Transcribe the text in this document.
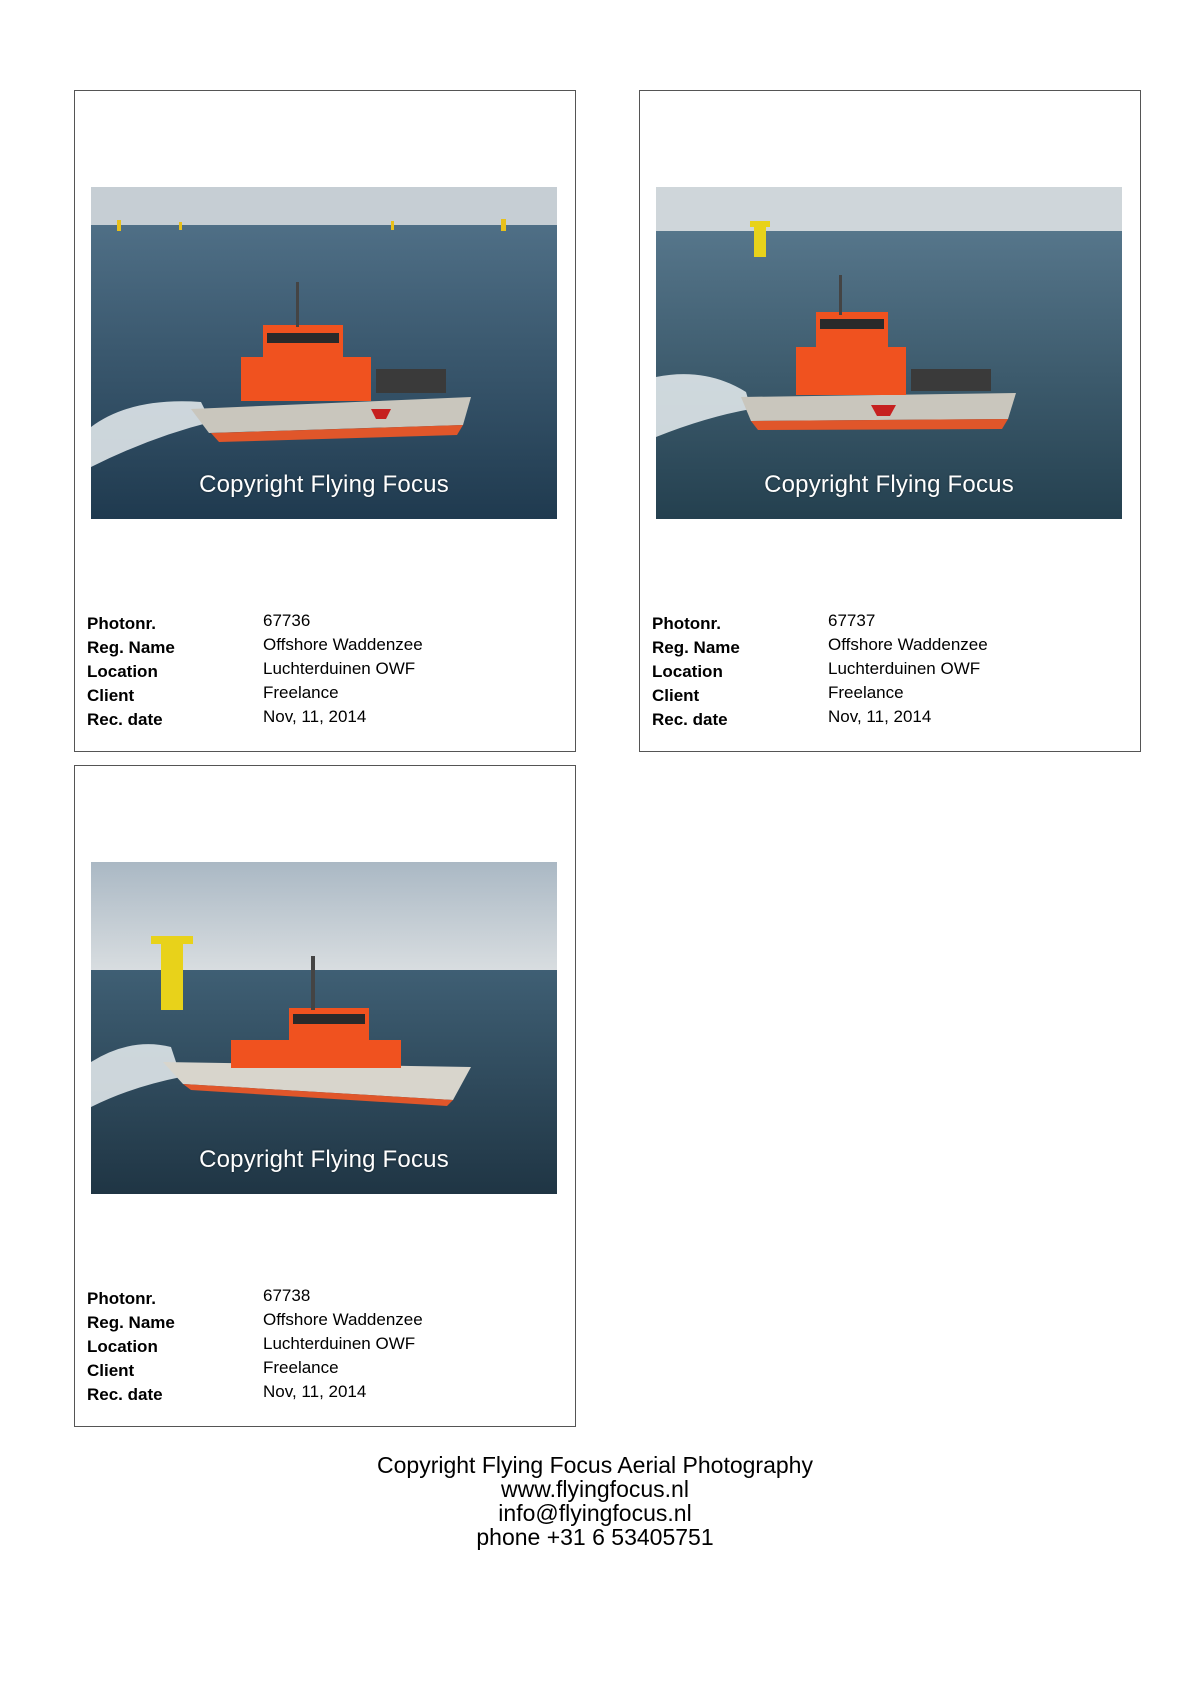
Copyright Flying Focus
Photonr.	67736
Reg. Name	Offshore Waddenzee
Location	Luchterduinen OWF
Client	Freelance
Rec. date	Nov, 11, 2014
Copyright Flying Focus
Photonr.	67737
Reg. Name	Offshore Waddenzee
Location	Luchterduinen OWF
Client	Freelance
Rec. date	Nov, 11, 2014
Copyright Flying Focus
Photonr.	67738
Reg. Name	Offshore Waddenzee
Location	Luchterduinen OWF
Client	Freelance
Rec. date	Nov, 11, 2014
Copyright Flying Focus Aerial Photography
www.flyingfocus.nl
info@flyingfocus.nl
phone +31 6 53405751
